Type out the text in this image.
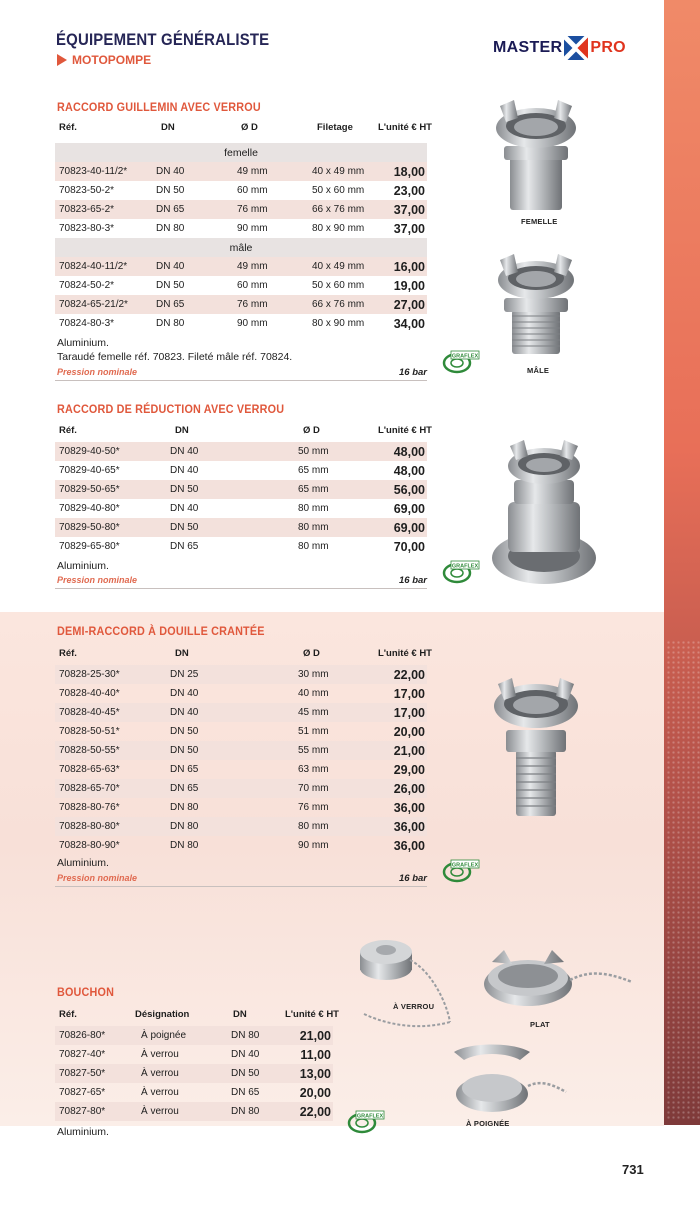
ÉQUIPEMENT GÉNÉRALISTE
MOTOPOMPE
MASTER PRO
RACCORD GUILLEMIN AVEC VERROU
Réf.	DN	Ø D	Filetage	L'unité € HT
femelle
70823-40-11/2*	DN 40	49 mm	40 x 49 mm 18,00
70823-50-2*	DN 50	60 mm	50 x 60 mm 23,00
70823-65-2*	DN 65	76 mm	66 x 76 mm 37,00
70823-80-3*	DN 80	90 mm	80 x 90 mm 37,00
mâle
70824-40-11/2*	DN 40	49 mm	40 x 49 mm 16,00
70824-50-2*	DN 50	60 mm	50 x 60 mm 19,00
70824-65-21/2*	DN 65	76 mm	66 x 76 mm 27,00
70824-80-3*	DN 80	90 mm	80 x 90 mm 34,00
Aluminium.
Taraudé femelle réf. 70823. Fileté mâle réf. 70824.
Pression nominale	16 bar
GRAFLEX
FEMELLE
MÂLE
RACCORD DE RÉDUCTION AVEC VERROU
Réf.	DN	Ø D	L'unité € HT
70829-40-50*	DN 40	50 mm	48,00
70829-40-65*	DN 40	65 mm	48,00
70829-50-65*	DN 50	65 mm	56,00
70829-40-80*	DN 40	80 mm	69,00
70829-50-80*	DN 50	80 mm	69,00
70829-65-80*	DN 65	80 mm	70,00
Aluminium.
Pression nominale	16 bar
GRAFLEX
DEMI-RACCORD À DOUILLE CRANTÉE
Réf.	DN	Ø D	L'unité € HT
70828-25-30*	DN 25	30 mm	22,00
70828-40-40*	DN 40	40 mm	17,00
70828-40-45*	DN 40	45 mm	17,00
70828-50-51*	DN 50	51 mm	20,00
70828-50-55*	DN 50	55 mm	21,00
70828-65-63*	DN 65	63 mm	29,00
70828-65-70*	DN 65	70 mm	26,00
70828-80-76*	DN 80	76 mm	36,00
70828-80-80*	DN 80	80 mm	36,00
70828-80-90*	DN 80	90 mm	36,00
Aluminium.
Pression nominale	16 bar
GRAFLEX
BOUCHON
Réf.	Désignation	DN	L'unité € HT
70826-80*	À poignée	DN 80	21,00
70827-40*	À verrou	DN 40	11,00
70827-50*	À verrou	DN 50	13,00
70827-65*	À verrou	DN 65	20,00
70827-80*	À verrou	DN 80	22,00
Aluminium.
GRAFLEX
À VERROU
PLAT
À POIGNÉE
731
